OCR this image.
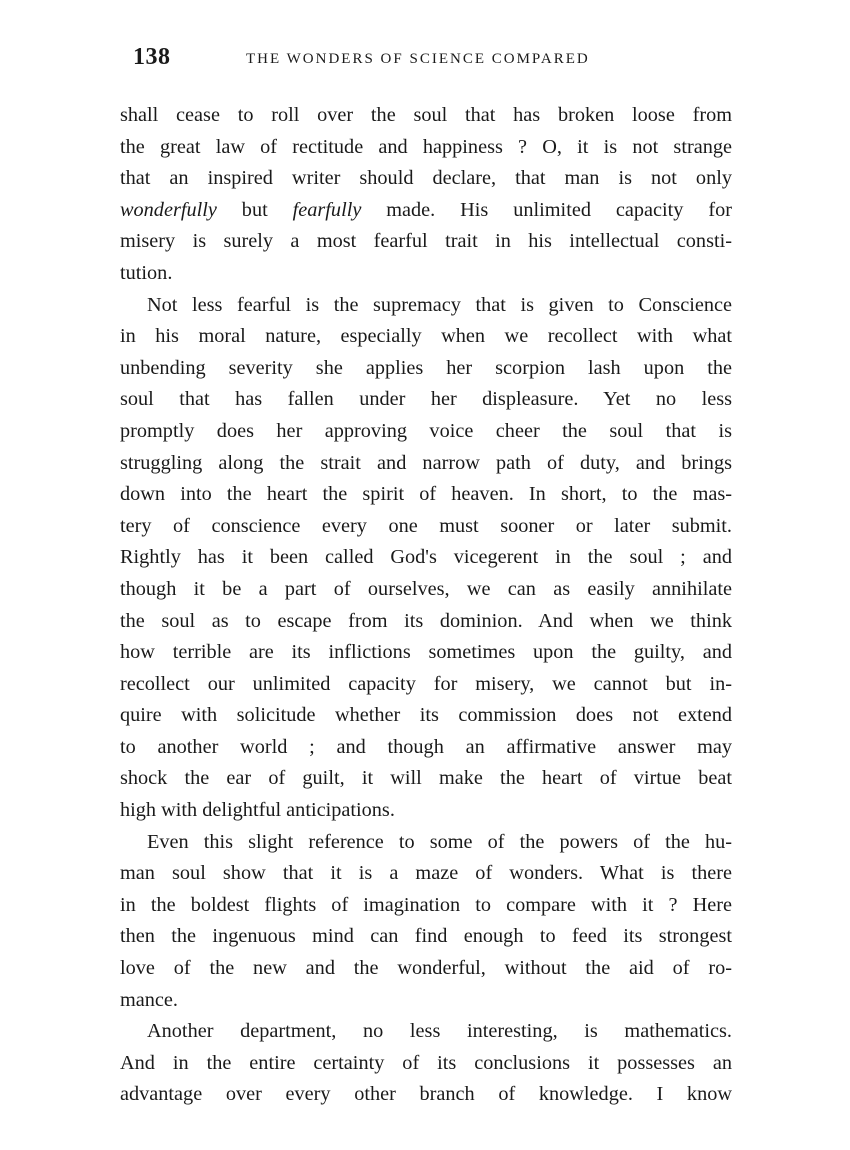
138	THE WONDERS OF SCIENCE COMPARED
shall cease to roll over the soul that has broken loose from
the great law of rectitude and happiness ? O, it is not strange
that an inspired writer should declare, that man is not only
wonderfully but fearfully made. His unlimited capacity for
misery is surely a most fearful trait in his intellectual consti-
tution.
Not less fearful is the supremacy that is given to Conscience
in his moral nature, especially when we recollect with what
unbending severity she applies her scorpion lash upon the
soul that has fallen under her displeasure. Yet no less
promptly does her approving voice cheer the soul that is
struggling along the strait and narrow path of duty, and brings
down into the heart the spirit of heaven. In short, to the mas-
tery of conscience every one must sooner or later submit.
Rightly has it been called God's vicegerent in the soul ; and
though it be a part of ourselves, we can as easily annihilate
the soul as to escape from its dominion. And when we think
how terrible are its inflictions sometimes upon the guilty, and
recollect our unlimited capacity for misery, we cannot but in-
quire with solicitude whether its commission does not extend
to another world ; and though an affirmative answer may
shock the ear of guilt, it will make the heart of virtue beat
high with delightful anticipations.
Even this slight reference to some of the powers of the hu-
man soul show that it is a maze of wonders. What is there
in the boldest flights of imagination to compare with it ? Here
then the ingenuous mind can find enough to feed its strongest
love of the new and the wonderful, without the aid of ro-
mance.
Another department, no less interesting, is mathematics.
And in the entire certainty of its conclusions it possesses an
advantage over every other branch of knowledge. I know
